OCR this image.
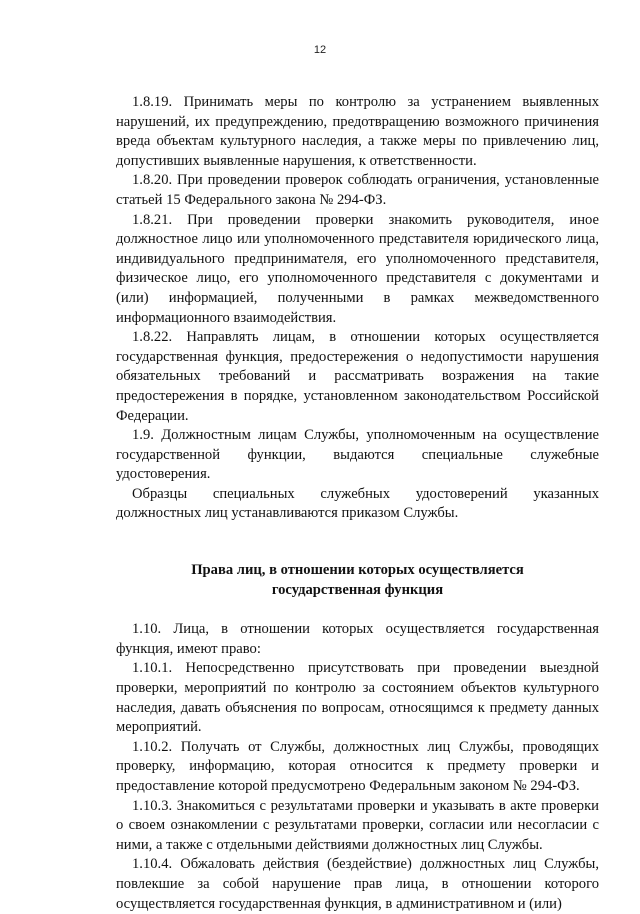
12

1.8.19. Принимать меры по контролю за устранением выявленных нарушений, их предупреждению, предотвращению возможного причинения вреда объектам культурного наследия, а также меры по привлечению лиц, допустивших выявленные нарушения, к ответственности.

1.8.20. При проведении проверок соблюдать ограничения, установленные статьей 15 Федерального закона № 294-ФЗ.

1.8.21. При проведении проверки знакомить руководителя, иное должностное лицо или уполномоченного представителя юридического лица, индивидуального предпринимателя, его уполномоченного представителя, физическое лицо, его уполномоченного представителя с документами и (или) информацией, полученными в рамках межведомственного информационного взаимодействия.

1.8.22. Направлять лицам, в отношении которых осуществляется государственная функция, предостережения о недопустимости нарушения обязательных требований и рассматривать возражения на такие предостережения в порядке, установленном законодательством Российской Федерации.

1.9. Должностным лицам Службы, уполномоченным на осуществление государственной функции, выдаются специальные служебные удостоверения.

Образцы специальных служебных удостоверений указанных должностных лиц устанавливаются приказом Службы.

Права лиц, в отношении которых осуществляется
государственная функция

1.10. Лица, в отношении которых осуществляется государственная функция, имеют право:

1.10.1. Непосредственно присутствовать при проведении выездной проверки, мероприятий по контролю за состоянием объектов культурного наследия, давать объяснения по вопросам, относящимся к предмету данных мероприятий.

1.10.2. Получать от Службы, должностных лиц Службы, проводящих проверку, информацию, которая относится к предмету проверки и предоставление которой предусмотрено Федеральным законом № 294-ФЗ.

1.10.3. Знакомиться с результатами проверки и указывать в акте проверки о своем ознакомлении с результатами проверки, согласии или несогласии с ними, а также с отдельными действиями должностных лиц Службы.

1.10.4. Обжаловать действия (бездействие) должностных лиц Службы, повлекшие за собой нарушение прав лица, в отношении которого осуществляется государственная функция, в административном и (или)
